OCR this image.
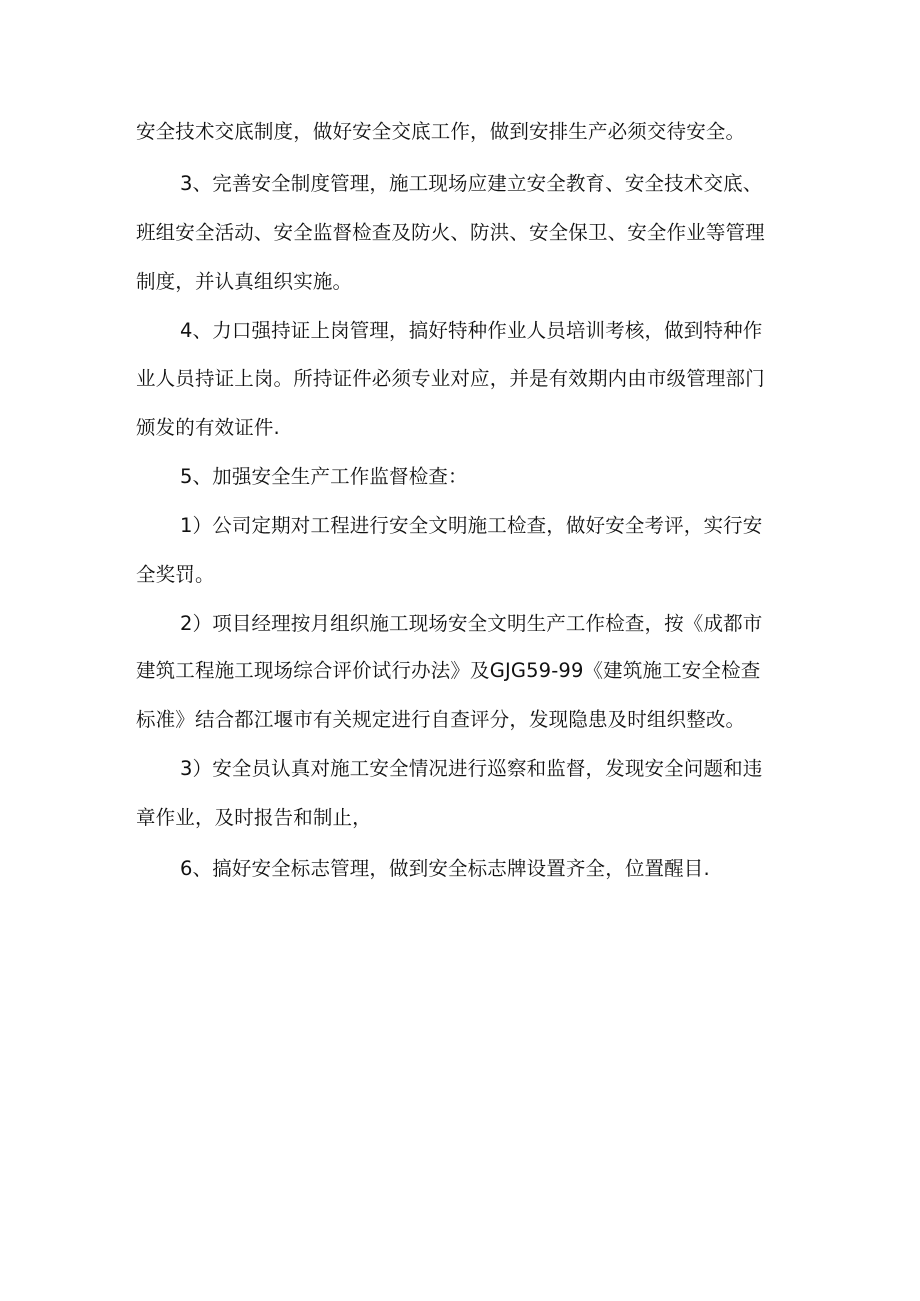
安全技术交底制度，做好安全交底工作，做到安排生产必须交待安全。
3、完善安全制度管理，施工现场应建立安全教育、安全技术交底、
班组安全活动、安全监督检查及防火、防洪、安全保卫、安全作业等管理
制度，并认真组织实施。
4、力口强持证上岗管理，搞好特种作业人员培训考核，做到特种作
业人员持证上岗。所持证件必须专业对应，并是有效期内由市级管理部门
颁发的有效证件.
5、加强安全生产工作监督检查：
1）公司定期对工程进行安全文明施工检查，做好安全考评，实行安
全奖罚。
2）项目经理按月组织施工现场安全文明生产工作检查，按《成都市
建筑工程施工现场综合评价试行办法》及GJG59-99《建筑施工安全检查
标准》结合都江堰市有关规定进行自查评分，发现隐患及时组织整改。
3）安全员认真对施工安全情况进行巡察和监督，发现安全问题和违
章作业，及时报告和制止，
6、搞好安全标志管理，做到安全标志牌设置齐全，位置醒目.
